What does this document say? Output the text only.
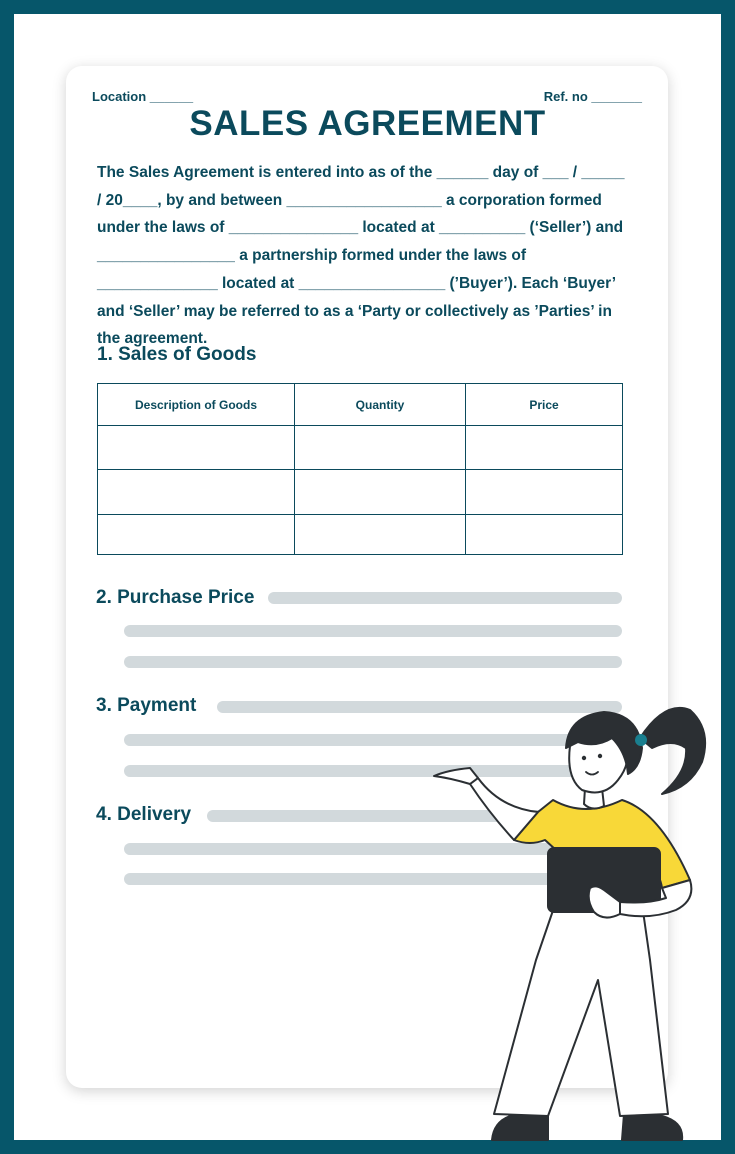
Location ______	Ref. no _______
SALES AGREEMENT

The Sales Agreement is entered into as of the ______ day of ___ / _____ / 20____, by and between __________________ a corporation formed under the laws of _______________ located at __________ (‘Seller’) and ________________ a partnership formed under the laws of ______________ located at _________________ (’Buyer’). Each ‘Buyer’ and ‘Seller’ may be referred to as a ‘Party or collectively as ’Parties’ in the agreement.

1. Sales of Goods
Description of Goods	Quantity	Price

2. Purchase Price
3. Payment
4. Delivery
